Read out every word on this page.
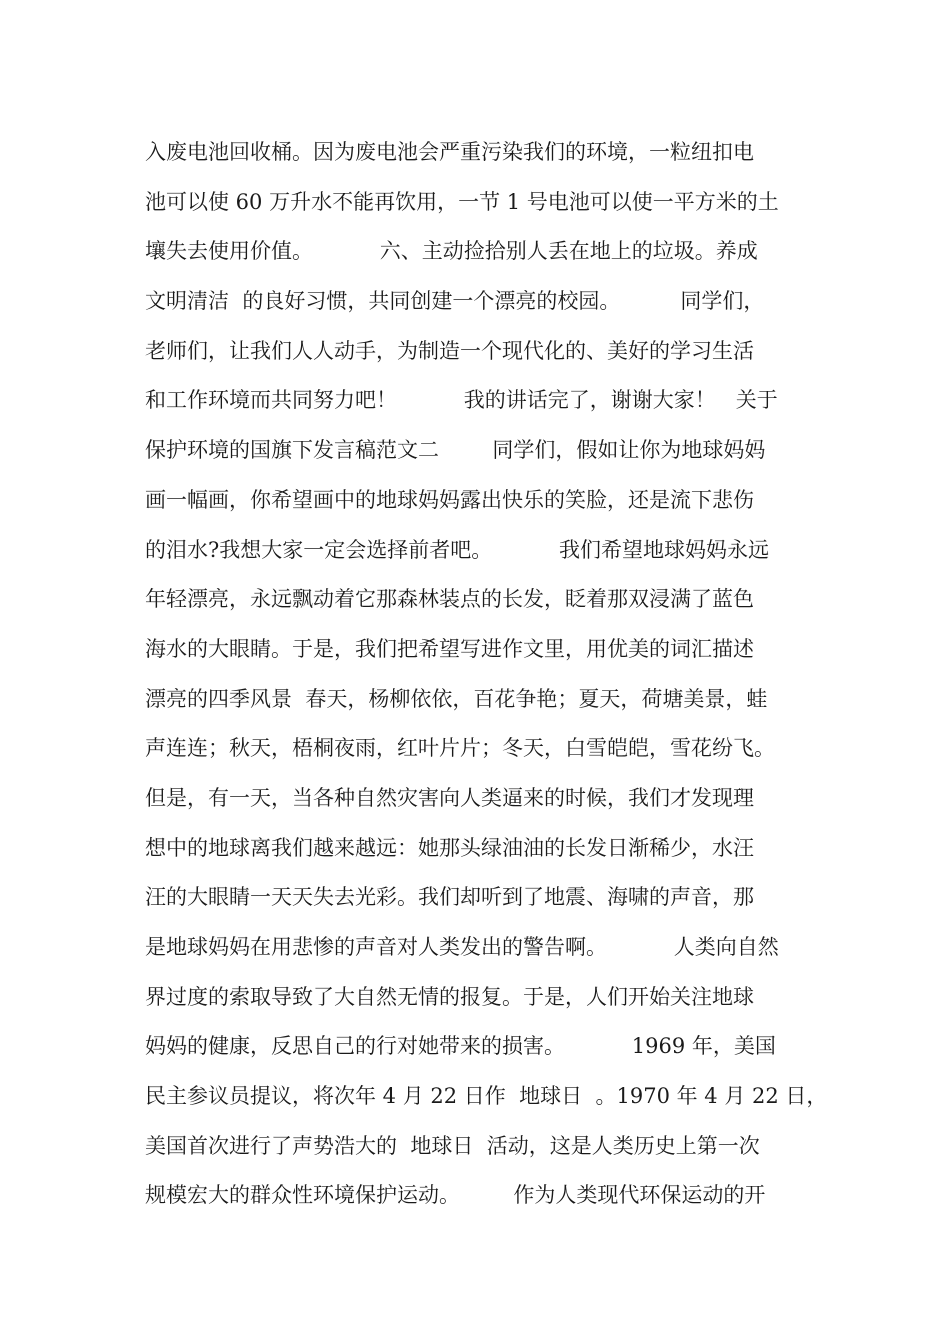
入废电池回收桶。因为废电池会严重污染我们的环境，一粒纽扣电
池可以使 60 万升水不能再饮用，一节 1 号电池可以使一平方米的土
壤失去使用价值。          六、主动捡拾别人丢在地上的垃圾。养成
文明清洁  的良好习惯，共同创建一个漂亮的校园。         同学们，
老师们，让我们人人动手，为制造一个现代化的、美好的学习生活
和工作环境而共同努力吧！          我的讲话完了，谢谢大家！   关于
保护环境的国旗下发言稿范文二        同学们，假如让你为地球妈妈
画一幅画，你希望画中的地球妈妈露出快乐的笑脸，还是流下悲伤
的泪水?我想大家一定会选择前者吧。          我们希望地球妈妈永远
年轻漂亮，永远飘动着它那森林装点的长发，眨着那双浸满了蓝色
海水的大眼睛。于是，我们把希望写进作文里，用优美的词汇描述
漂亮的四季风景  春天，杨柳依依，百花争艳；夏天，荷塘美景，蛙
声连连；秋天，梧桐夜雨，红叶片片；冬天，白雪皑皑，雪花纷飞。
但是，有一天，当各种自然灾害向人类逼来的时候，我们才发现理
想中的地球离我们越来越远：她那头绿油油的长发日渐稀少，水汪
汪的大眼睛一天天失去光彩。我们却听到了地震、海啸的声音，那
是地球妈妈在用悲惨的声音对人类发出的警告啊。          人类向自然
界过度的索取导致了大自然无情的报复。于是，人们开始关注地球
妈妈的健康，反思自己的行对她带来的损害。          1969 年，美国
民主参议员提议，将次年 4 月 22 日作  地球日  。1970 年 4 月 22 日，
美国首次进行了声势浩大的  地球日  活动，这是人类历史上第一次
规模宏大的群众性环境保护运动。        作为人类现代环保运动的开
